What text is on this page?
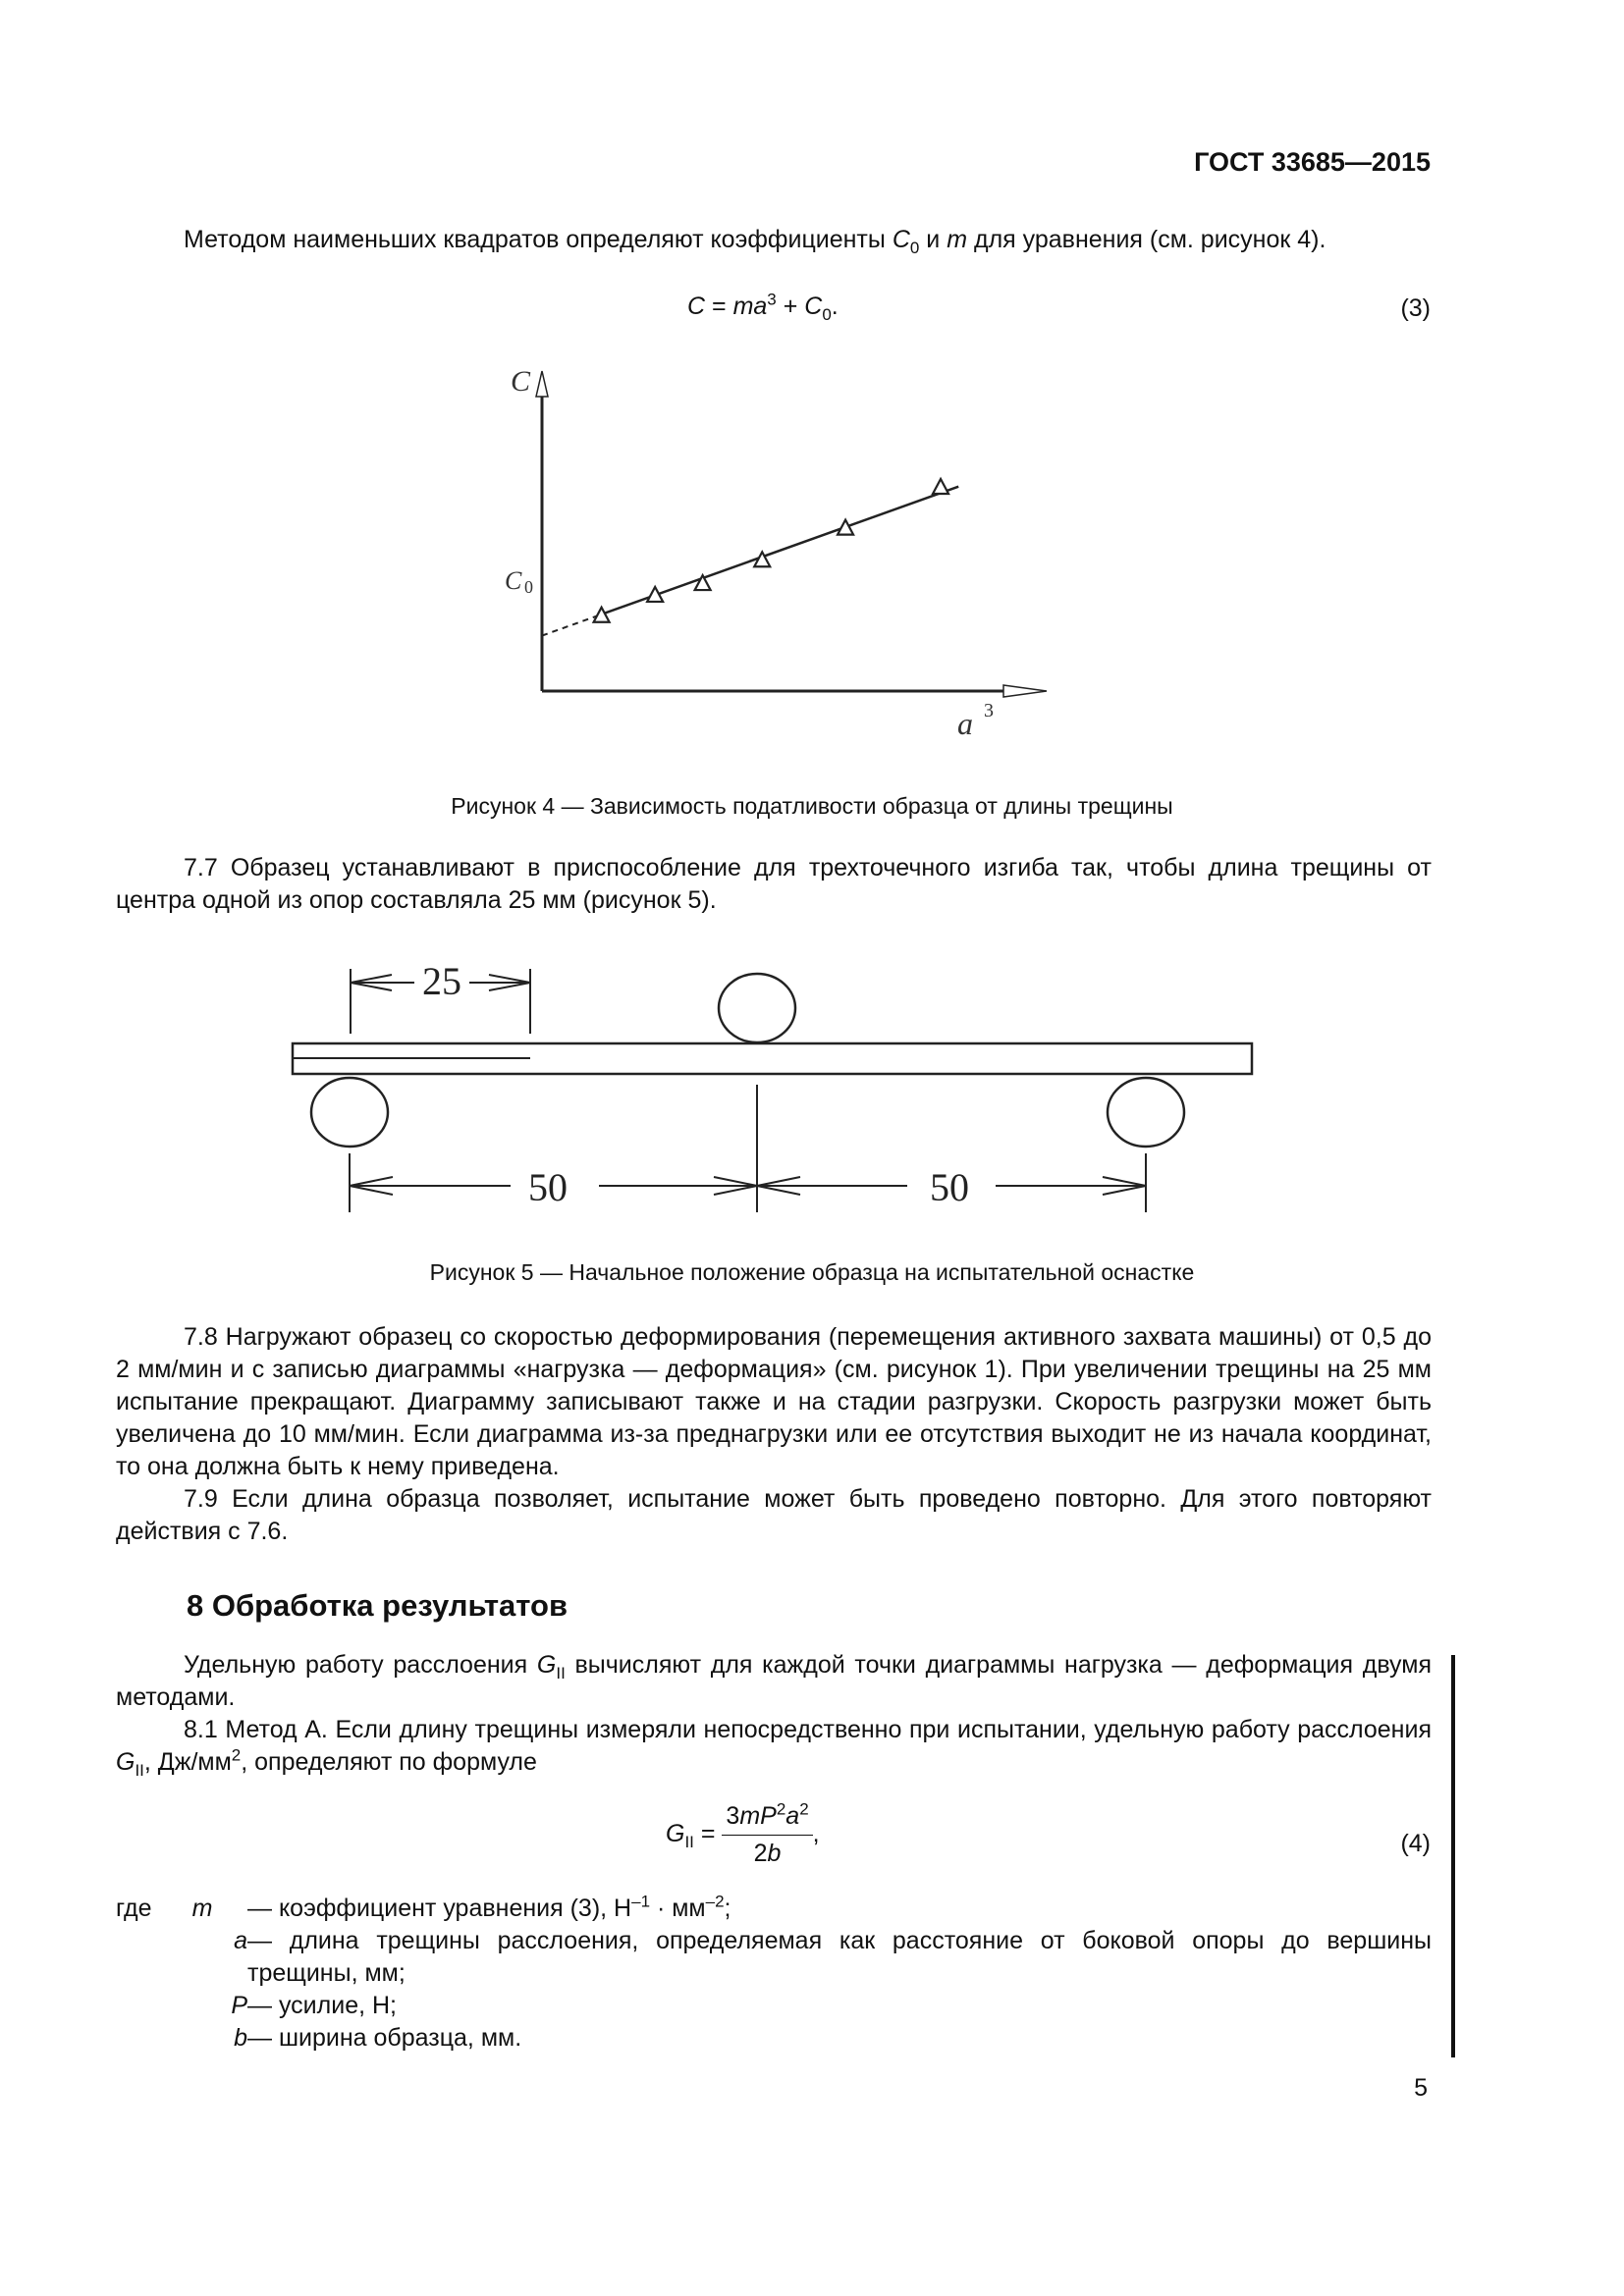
ГОСТ 33685—2015
Методом наименьших квадратов определяют коэффициенты $C_0$ и m для уравнения (см. рисунок 4).
$C = ma^3 + C_0$.	(3)
C
C 0
a 3
Рисунок 4 — Зависимость податливости образца от длины трещины
7.7 Образец устанавливают в приспособление для трехточечного изгиба так, чтобы длина трещины от центра одной из опор составляла 25 мм (рисунок 5).
25
50	50
Рисунок 5 — Начальное положение образца на испытательной оснастке
7.8 Нагружают образец со скоростью деформирования (перемещения активного захвата машины) от 0,5 до 2 мм/мин и с записью диаграммы «нагрузка — деформация» (см. рисунок 1). При увеличении трещины на 25 мм испытание прекращают. Диаграмму записывают также и на стадии разгрузки. Скорость разгрузки может быть увеличена до 10 мм/мин. Если диаграмма из-за преднагрузки или ее отсутствия выходит не из начала координат, то она должна быть к нему приведена.
7.9 Если длина образца позволяет, испытание может быть проведено повторно. Для этого повторяют действия с 7.6.
8 Обработка результатов
Удельную работу расслоения $G_{II}$ вычисляют для каждой точки диаграммы нагрузка — деформация двумя методами.
8.1 Метод А. Если длину трещины измеряли непосредственно при испытании, удельную работу расслоения $G_{II}$, $Дж/мм^2$, определяют по формуле
$G_{II} = \frac{3mP^2a^2}{2b}$ ,	(4)
где m	— коэффициент уравнения (3), $Н^{-1} \cdot мм^{-2}$;
a — длина трещины расслоения, определяемая как расстояние от боковой опоры до вершины трещины, мм;
P — усилие, Н;
b — ширина образца, мм.
5
